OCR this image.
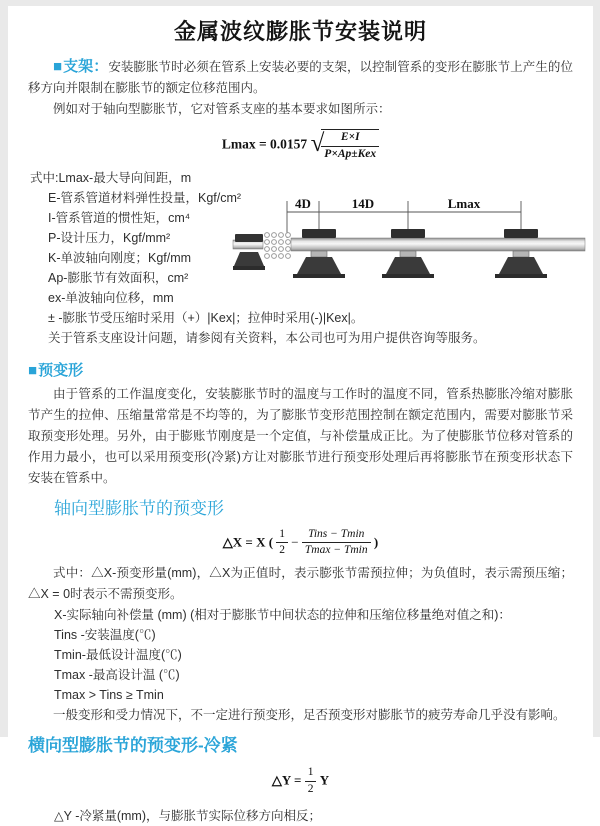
金属波纹膨胀节安装说明

■支架：安装膨胀节时必须在管系上安装必要的支架，以控制管系的变形在膨胀节上产生的位移方向并限制在膨胀节的额定位移范围内。

例如对于轴向型膨胀节，它对管系支座的基本要求如图所示：

Lmax = 0.0157 √
$\frac{E\times I}{\text{P×Ap±Kex}}$
式中:Lmax-最大导向间距，m
E-管系管道材料弹性投量，Kgf/cm²
I-管系管道的惯性矩，cm⁴
P-设计压力，Kgf/mm²
K-单波轴向刚度；Kgf/mm
Ap-膨胀节有效面积，cm²
ex-单波轴向位移，mm
± -膨胀节受压缩时采用（+）|Kex|；拉伸时采用(-)|Kex|。
4D	14D	Lmax
关于管系支座设计问题，请参阅有关资料，本公司也可为用户提供咨询等服务。
■预变形

由于管系的工作温度变化，安装膨胀节时的温度与工作时的温度不同，管系热膨胀冷缩对膨胀节产生的拉伸、压缩量常常是不均等的，为了膨胀节变形范围控制在额定范围内，需要对膨胀节采取预变形处理。另外，由于膨账节刚度是一个定值，与补偿量成正比。为了使膨胀节位移对管系的作用力最小，也可以采用预变形(冷紧)方让对膨胀节进行预变形处理后再将膨胀节在预变形状态下安装在管系中。

轴向型膨胀节的预变形
△X = X ( $\frac{1}{2} - \frac{\text{Tins − Tmin}}{Tmax - Tmin}$ )

式中：△X-预变形量(mm)，△X为正值时，表示膨张节需预拉伸；为负值时，表示需预压缩；△X = 0时表示不需预变形。

X-实际轴向补偿量 (mm) (相对于膨胀节中间状态的拉伸和压缩位移量绝对值之和)：
Tins -安装温度(℃)
Tmin-最低设计温度(℃)
Tmax -最高设计温 (℃)
Tmax > Tins ≥ Tmin

一般变形和受力情况下，不一定进行预变形，足否预变形对膨胀节的疲劳寿命几乎没有影响。

横向型膨胀节的预变形-冷紧
△Y = $\frac{1}{2}$ Y
△Y -冷紧量(mm)，与膨胀节实际位移方向相反；
